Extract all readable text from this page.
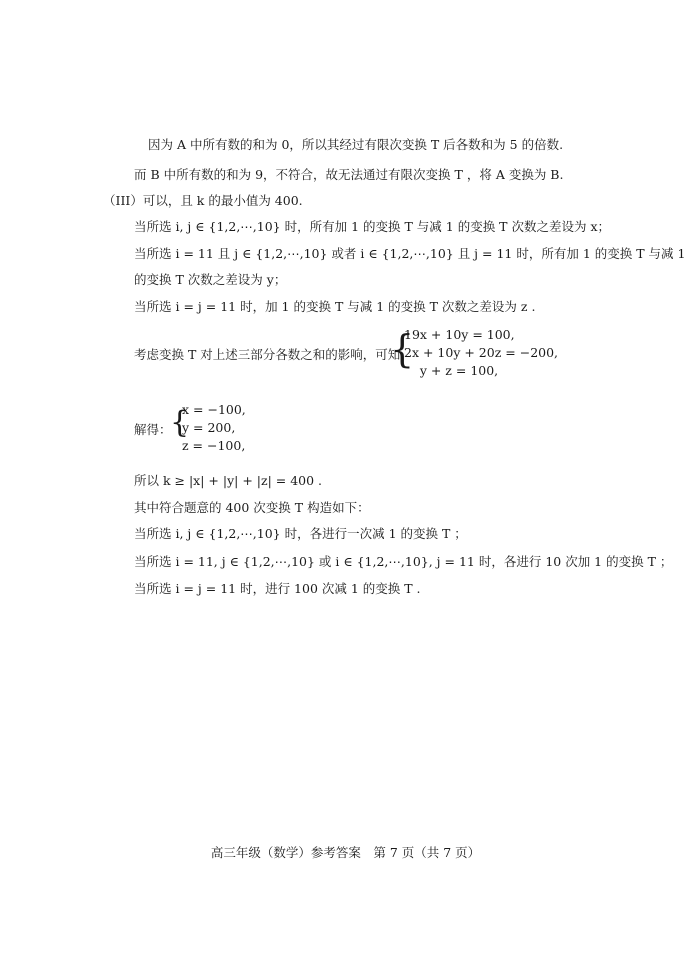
因为 A 中所有数的和为 0，所以其经过有限次变换 T 后各数和为 5 的倍数.
而 B 中所有数的和为 9，不符合，故无法通过有限次变换 T ，将 A 变换为 B.
（III）可以，且 k 的最小值为 400.
当所选 i, j ∈ {1,2,⋯,10} 时，所有加 1 的变换 T 与减 1 的变换 T 次数之差设为 x；
当所选 i = 11 且 j ∈ {1,2,⋯,10} 或者 i ∈ {1,2,⋯,10} 且 j = 11 时，所有加 1 的变换 T 与减 1
的变换 T 次数之差设为 y；
当所选 i = j = 11 时，加 1 的变换 T 与减 1 的变换 T 次数之差设为 z .
考虑变换 T 对上述三部分各数之和的影响，可知
{
19x + 10y = 100,
2x + 10y + 20z = −200,
y + z = 100,
解得：
{
x = −100,
y = 200,
z = −100,
所以 k ≥ |x| + |y| + |z| = 400 .
其中符合题意的 400 次变换 T 构造如下：
当所选 i, j ∈ {1,2,⋯,10} 时，各进行一次减 1 的变换 T ；
当所选 i = 11, j ∈ {1,2,⋯,10} 或 i ∈ {1,2,⋯,10}, j = 11 时，各进行 10 次加 1 的变换 T ；
当所选 i = j = 11 时，进行 100 次减 1 的变换 T .
高三年级（数学）参考答案　第 7 页（共 7 页）
